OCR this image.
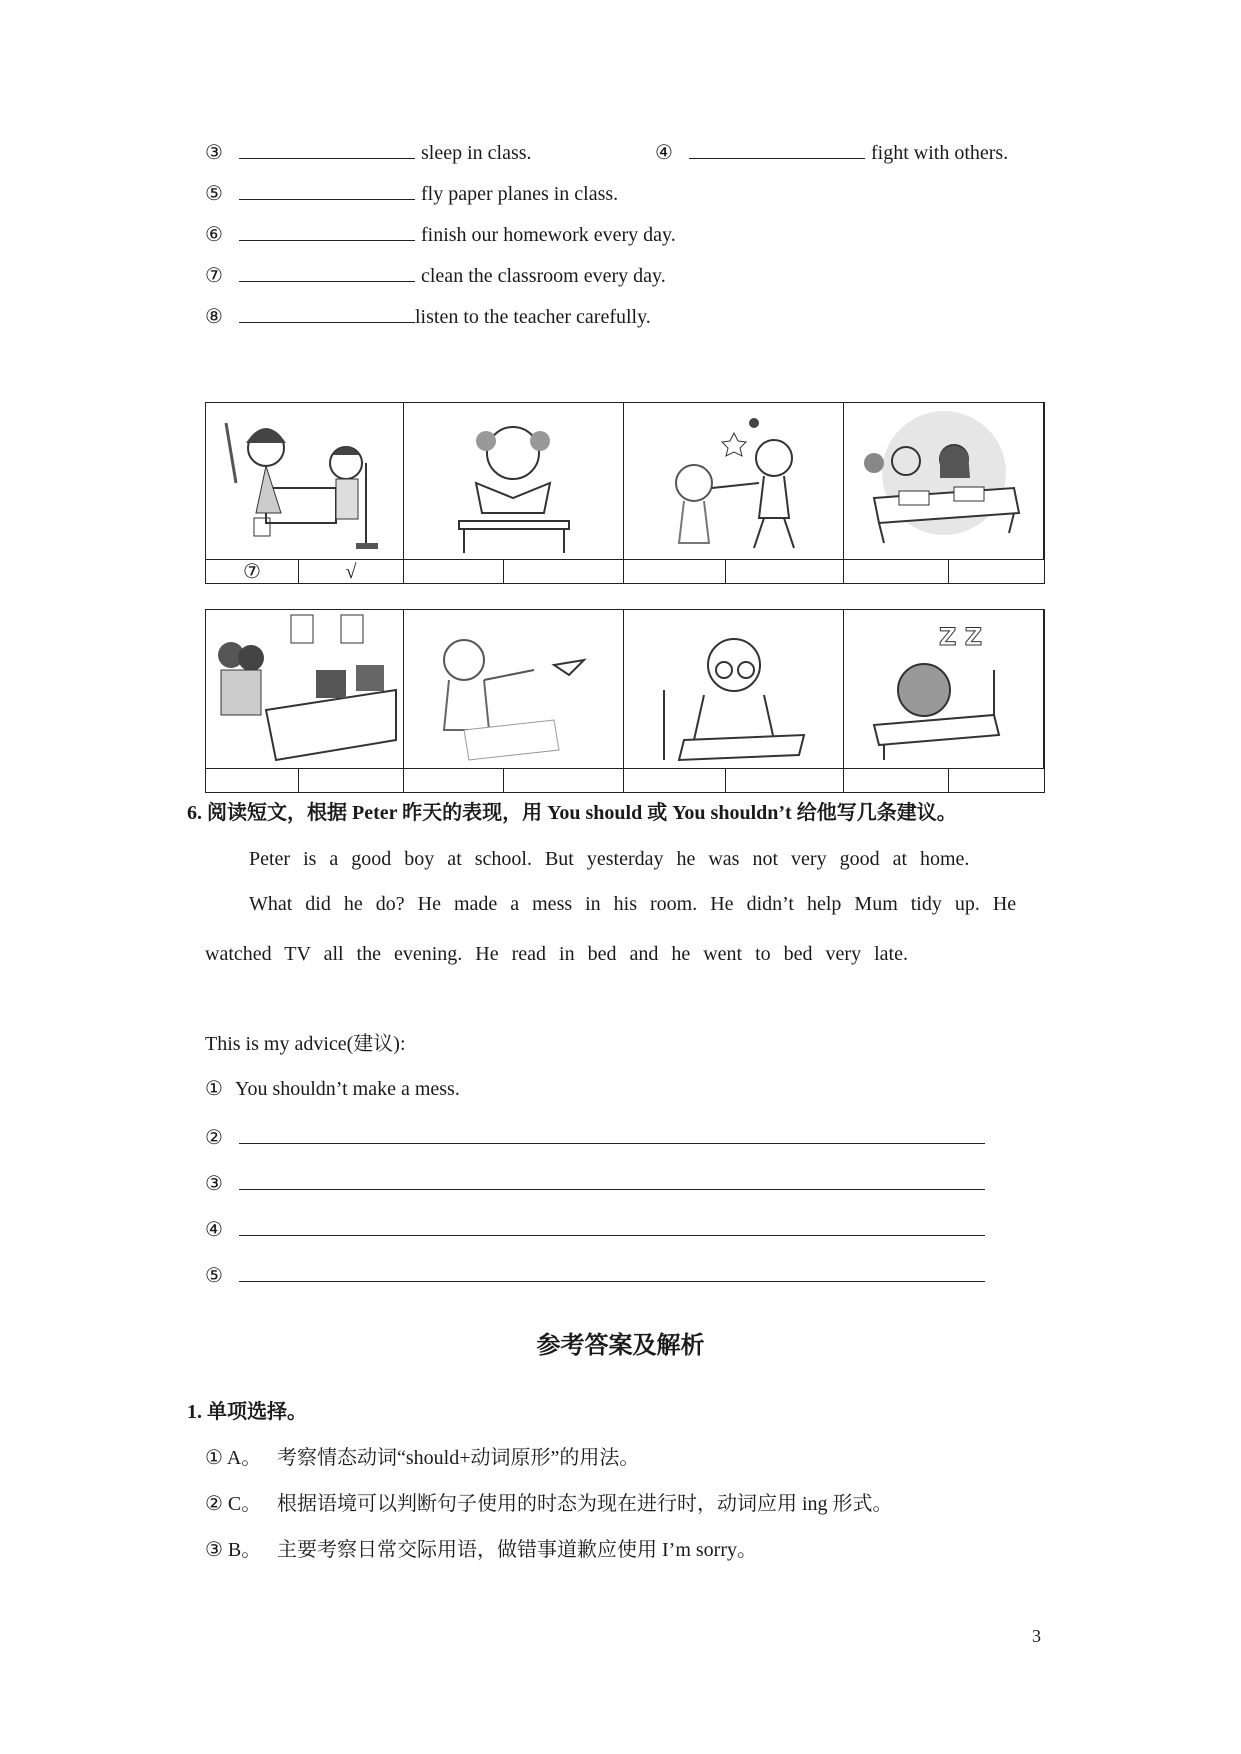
③	sleep in class.	④	fight with others.
⑤	fly paper planes in class.
⑥	finish our homework every day.
⑦	clean the classroom every day.
⑧	listen to the teacher carefully.
⑦	√
Z Z
6. 阅读短文，根据 Peter 昨天的表现，用 You should 或 You shouldn’t 给他写几条建议。
Peter is a good boy at school. But yesterday he was not very good at home.
What did he do? He made a mess in his room. He didn’t help Mum tidy up. He
watched TV all the evening. He read in bed and he went to bed very late.
This is my advice(建议):
① You shouldn’t make a mess.
②
③
④
⑤
参考答案及解析
1. 单项选择。
① A。 考察情态动词“should+动词原形”的用法。
② C。 根据语境可以判断句子使用的时态为现在进行时，动词应用 ing 形式。
③ B。 主要考察日常交际用语，做错事道歉应使用 I’m sorry。
3
